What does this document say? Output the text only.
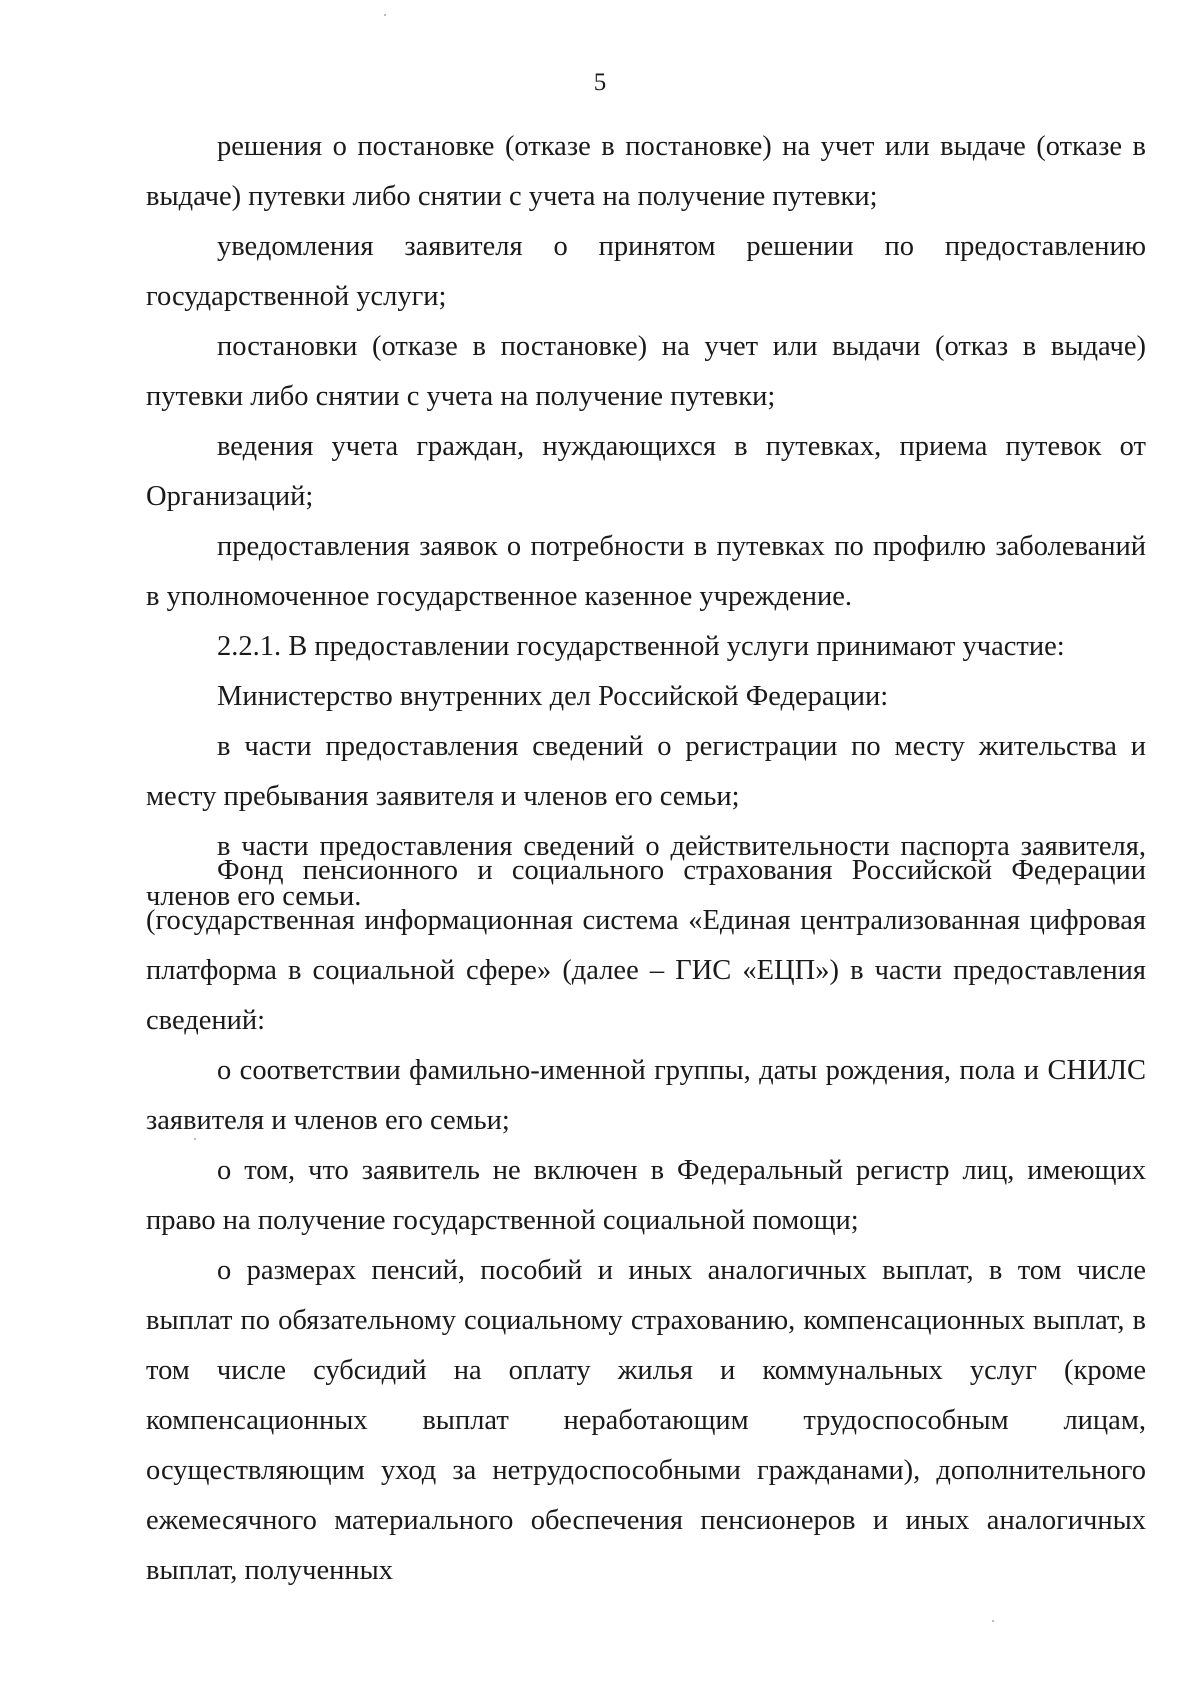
5

решения о постановке (отказе в постановке) на учет или выдаче (отказе в выдаче) путевки либо снятии с учета на получение путевки;

уведомления заявителя о принятом решении по предоставлению государственной услуги;

постановки (отказе в постановке) на учет или выдачи (отказ в выдаче) путевки либо снятии с учета на получение путевки;

ведения учета граждан, нуждающихся в путевках, приема путевок от Организаций;

предоставления заявок о потребности в путевках по профилю заболеваний в уполномоченное государственное казенное учреждение.

2.2.1. В предоставлении государственной услуги принимают участие:

Министерство внутренних дел Российской Федерации:

в части предоставления сведений о регистрации по месту жительства и месту пребывания заявителя и членов его семьи;

в части предоставления сведений о действительности паспорта заявителя, членов его семьи.

Фонд пенсионного и социального страхования Российской Федерации (государственная информационная система «Единая централизованная цифровая платформа в социальной сфере» (далее – ГИС «ЕЦП») в части предоставления сведений:

о соответствии фамильно-именной группы, даты рождения, пола и СНИЛС заявителя и членов его семьи;

о том, что заявитель не включен в Федеральный регистр лиц, имеющих право на получение государственной социальной помощи;

о размерах пенсий, пособий и иных аналогичных выплат, в том числе выплат по обязательному социальному страхованию, компенсационных выплат, в том числе субсидий на оплату жилья и коммунальных услуг (кроме компенсационных выплат неработающим трудоспособным лицам, осуществляющим уход за нетрудоспособными гражданами), дополнительного ежемесячного материального обеспечения пенсионеров и иных аналогичных выплат, полученных
